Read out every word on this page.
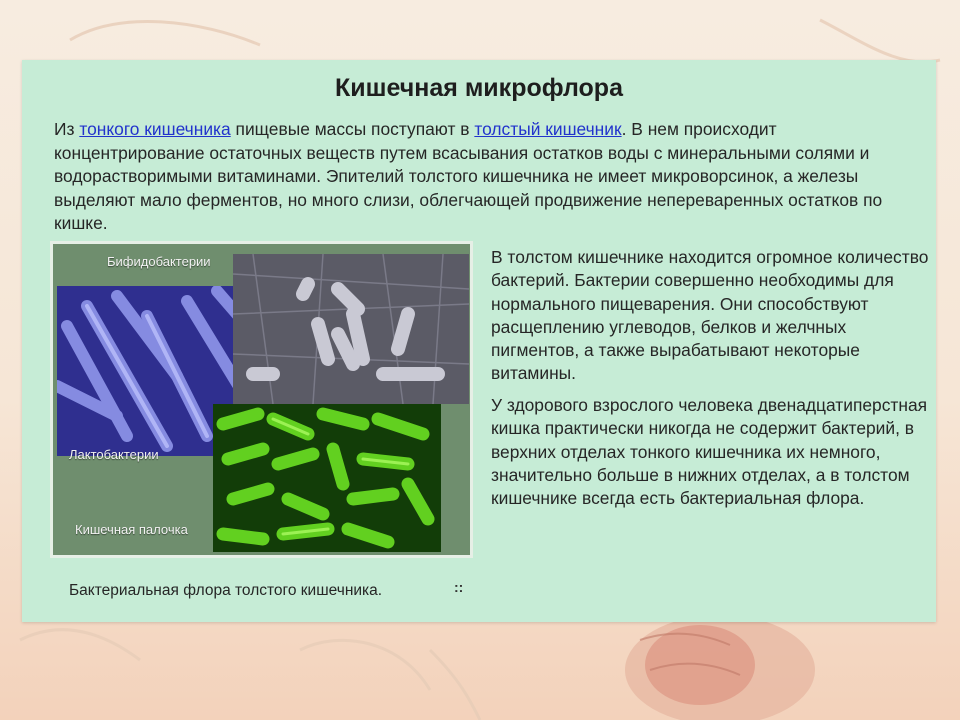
Кишечная микрофлора

Из тонкого кишечника пищевые массы поступают в толстый кишечник. В нем происходит концентрирование остаточных веществ путем всасывания остатков воды с минеральными солями и водорастворимыми витаминами. Эпителий толстого кишечника не имеет микроворсинок, а железы выделяют мало ферментов, но много слизи, облегчающей продвижение непереваренных остатков по кишке.

Бифидобактерии

Лактобактерии

Кишечная палочка

В толстом кишечнике находится огромное количество бактерий. Бактерии совершенно необходимы для нормального пищеварения. Они способствуют расщеплению углеводов, белков и желчных пигментов, а также вырабатывают некоторые витамины.

У здорового взрослого человека двенадцатиперстная кишка практически никогда не содержит бактерий, в верхних отделах тонкого кишечника их немного, значительно больше в нижних отделах, а в толстом кишечнике всегда есть бактериальная флора.

Бактериальная флора толстого кишечника.	::
